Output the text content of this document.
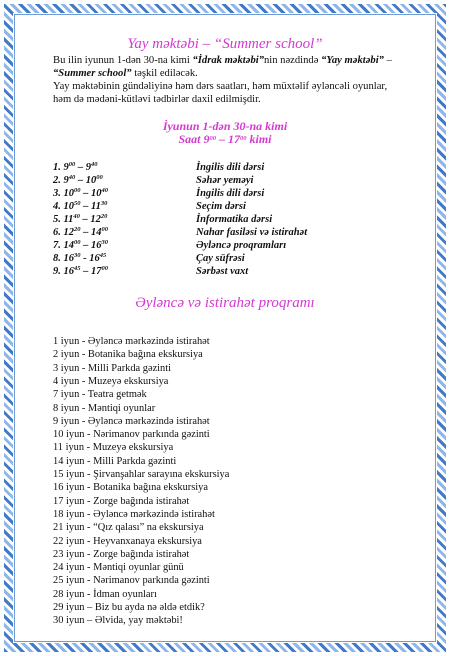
Yay məktəbi – “Summer school”

Bu ilin iyunun 1-dən 30-na kimi “İdrak məktəbi”nin nəzdində “Yay məktəbi” –

“Summer school” təşkil ediləcək.

Yay məktəbinin gündəliyinə həm dərs saatları, həm müxtəlif əyləncəli oyunlar,

həm də mədəni-kütləvi tədbirlər daxil edilmişdir.

İyunun 1-dən 30-na kimi
Saat $9^{00} - 17^{00}$ kimi
1. $9^{00} - 9^{40}$	İngilis dili dərsi
2. $9^{40} - 10^{00}$	Səhər yeməyi
3. $10^{00} - 10^{40}$	İngilis dili dərsi
4. $10^{50} - 11^{30}$	Seçim dərsi
5. $11^{40} - 12^{20}$	İnformatika dərsi
6. $12^{20} - 14^{00}$	Nahar fasiləsi və istirahət
7. $14^{00} - 16^{30}$	Əyləncə proqramları
8. $16^{30} - 16^{45}$	Çay süfrəsi
9. $16^{45} - 17^{00}$	Sərbəst vaxt
Əyləncə və istirahət proqramı
1 iyun - Əyləncə mərkəzində istirahət
2 iyun - Botanika bağına ekskursiya
3 iyun - Milli Parkda gəzinti
4 iyun - Muzeyə ekskursiya
7 iyun - Teatra getmək
8 iyun - Məntiqi oyunlar
9 iyun - Əyləncə mərkəzində istirahət
10 iyun - Nərimanov parkında gəzinti
11 iyun - Muzeyə ekskursiya
14 iyun - Milli Parkda gəzinti
15 iyun - Şirvanşahlar sarayına ekskursiya
16 iyun - Botanika bağına ekskursiya
17 iyun - Zorge bağında istirahət
18 iyun - Əyləncə mərkəzində istirahət
21 iyun - “Qız qalası” na ekskursiya
22 iyun - Heyvanxanaya ekskursiya
23 iyun - Zorge bağında istirahət
24 iyun - Məntiqi oyunlar günü
25 iyun - Nərimanov parkında gəzinti
28 iyun - İdman oyunları
29 iyun – Biz bu ayda nə əldə etdik?
30 iyun – Əlvida, yay məktəbi!
